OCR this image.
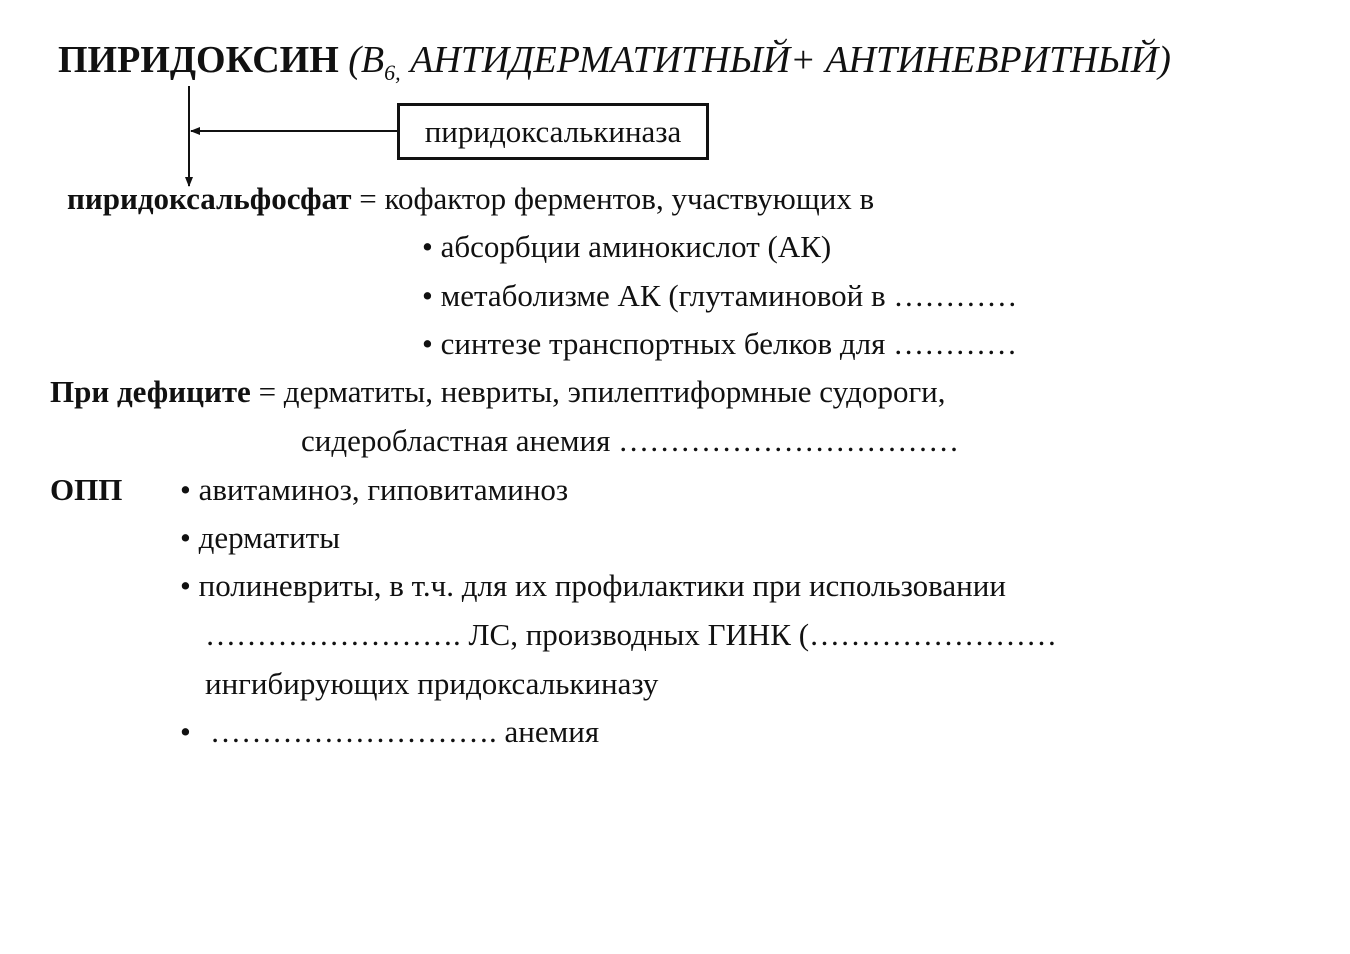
ПИРИДОКСИН ($B_{6,}$ АНТИДЕРМАТИТНЫЙ+ АНТИНЕВРИТНЫЙ)
пиридоксалькиназа
пиридоксальфосфат = кофактор ферментов, участвующих в
• абсорбции аминокислот (АК)
• метаболизме АК (глутаминовой в …………
• синтезе транспортных белков для …………
При дефиците = дерматиты, невриты, эпилептиформные судороги,
сидеробластная анемия ……………………………
ОПП • авитаминоз, гиповитаминоз
• дерматиты
• полиневриты, в т.ч. для их профилактики при использовании
……………………. ЛС, производных ГИНК (……………………
ингибирующих придоксалькиназу
• ………………………. анемия
